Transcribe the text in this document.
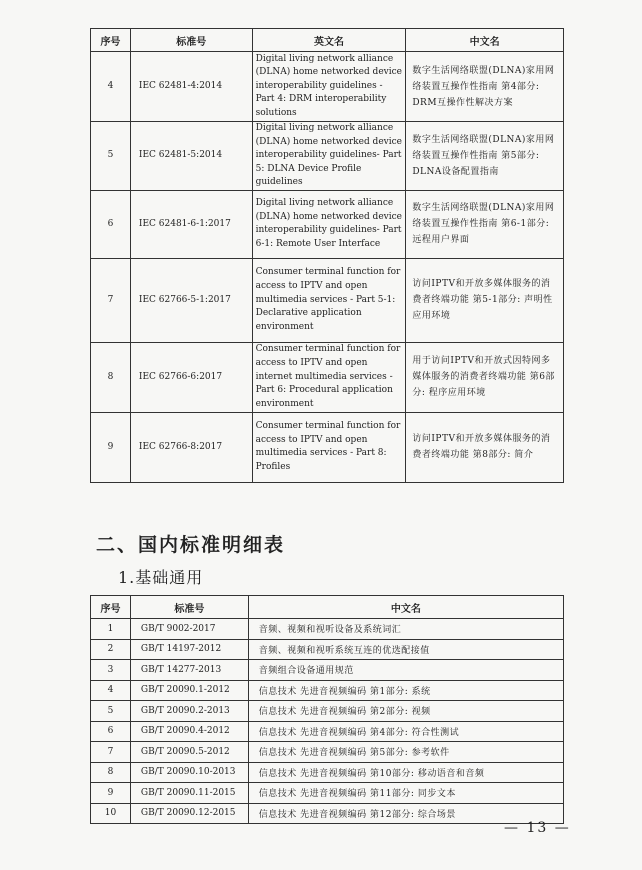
序号	标准号	英文名	中文名
4	IEC 62481-4:2014	Digital living network alliance (DLNA) home networked device interoperability guidelines - Part 4: DRM interoperability solutions	数字生活网络联盟(DLNA)家用网络装置互操作性指南 第4部分: DRM互操作性解决方案
5	IEC 62481-5:2014	Digital living network alliance (DLNA) home networked device interoperability guidelines- Part 5: DLNA Device Profile guidelines	数字生活网络联盟(DLNA)家用网络装置互操作性指南 第5部分: DLNA设备配置指南
6	IEC 62481-6-1:2017	Digital living network alliance (DLNA) home networked device interoperability guidelines- Part 6-1: Remote User Interface	数字生活网络联盟(DLNA)家用网络装置互操作性指南 第6-1部分: 远程用户界面
7	IEC 62766-5-1:2017	Consumer terminal function for access to IPTV and open multimedia services - Part 5-1: Declarative application environment	访问IPTV和开放多媒体服务的消费者终端功能 第5-1部分: 声明性应用环境
8	IEC 62766-6:2017	Consumer terminal function for access to IPTV and open internet multimedia services - Part 6: Procedural application environment	用于访问IPTV和开放式因特网多媒体服务的消费者终端功能 第6部分: 程序应用环境
9	IEC 62766-8:2017	Consumer terminal function for access to IPTV and open multimedia services - Part 8: Profiles	访问IPTV和开放多媒体服务的消费者终端功能 第8部分: 简介
二、国内标准明细表
1.基础通用
序号	标准号	中文名
1	GB/T 9002-2017	音频、视频和视听设备及系统词汇
2	GB/T 14197-2012	音频、视频和视听系统互连的优选配接值
3	GB/T 14277-2013	音频组合设备通用规范
4	GB/T 20090.1-2012	信息技术 先进音视频编码 第1部分: 系统
5	GB/T 20090.2-2013	信息技术 先进音视频编码 第2部分: 视频
6	GB/T 20090.4-2012	信息技术 先进音视频编码 第4部分: 符合性测试
7	GB/T 20090.5-2012	信息技术 先进音视频编码 第5部分: 参考软件
8	GB/T 20090.10-2013	信息技术 先进音视频编码 第10部分: 移动语音和音频
9	GB/T 20090.11-2015	信息技术 先进音视频编码 第11部分: 同步文本
10	GB/T 20090.12-2015	信息技术 先进音视频编码 第12部分: 综合场景
— 13 —
